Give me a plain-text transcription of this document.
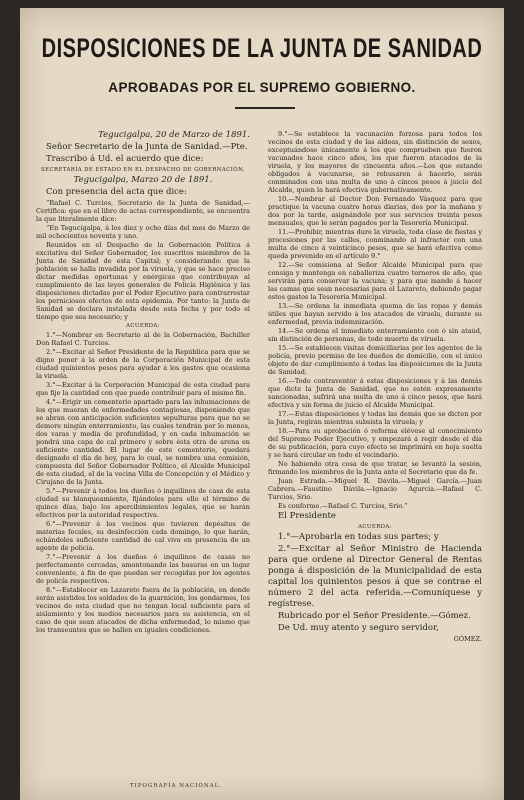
DISPOSICIONES DE LA JUNTA DE SANIDAD
APROBADAS POR EL SUPREMO GOBIERNO.

Tegucigalpa, 20 de Marzo de 1891.

Señor Secretario de la Junta de Sanidad.—Pte.

Trascribo á Ud. el acuerdo que dice:

SECRETARÍA DE ESTADO EN EL DESPACHO DE GOBERNACIÓN.

Tegucigalpa, Marzo 20 de 1891.

Con presencia del acta que dice:

“Rafael C. Turcios, Secretario de la Junta de Sanidad,—Certifica: que en el libro de actas correspondiente, se encuentra la que literalmente dice:

“En Tegucigalpa, á los diez y ocho días del mes de Marzo de mil ochocientos noventa y uno.

Reunidos en el Despacho de la Gobernación Política á excitativa del Señor Gobernador, los suscritos miembros de la Junta de Sanidad de esta Capital; y considerando: que la población se halla invadida por la viruela, y que se hace preciso dictar medidas oportunas y enérgicas que contribuyan al cumplimiento de las leyes generales de Policía Higiénica y las disposiciones dictadas por el Poder Ejecutivo para contrarrestar los perniciosos efectos de esta epidemia. Por tanto: la Junta de Sanidad se declara instalada desde esta fecha y por todo el tiempo que sea necesario; y

ACUERDA:

1.°—Nombrar en Secretario al de la Gobernación, Bachiller Don Rafael C. Turcios.

2.°—Excitar al Señor Presidente de la República para que se digne poner á la orden de la Corporación Municipal de esta ciudad quinientos pesos para ayudar á los gastos que ocasiona la viruela.

3.°—Excitar á la Corporación Municipal de esta ciudad para que fije la cantidad con que puede contribuir para el mismo fin.

4.°—Erigir un cementerio apartado para las inhumaciones de los que mueran de enfermedades contagiosas, disponiendo que se abran con anticipación suficientes sepulturas para que no se demore ningún enterramiento, las cuales tendrán por lo menos, dos varas y media de profundidad, y en cada inhumación se pondrá una capa de cal primero y sobre ésta otra de arena en suficiente cantidad. El lugar de este cementerio, quedará designado el día de hoy, para lo cual, se nombra una comisión, compuesta del Señor Gobernador Político, el Alcalde Municipal de esta ciudad, el de la vecina Villa de Concepción y el Médico y Cirujano de la Junta.

5.°—Prevenir á todos los dueños ó inquilinos de casa de esta ciudad su blanqueamiento, fijándoles para ello el término de quince días, bajo los apercibimientos legales, que se harán efectivos por la autoridad respectiva.

6.°—Prevenir á los vecinos que tuvieren depósitos de materias fecales, su desinfección cada domingo, lo que harán, echándoles suficiente cantidad de cal viva en presencia de un agente de policía.

7.°—Prevenir á los dueños ó inquilinos de casas no perfectamente cercadas, amontonando las basuras en un lugar conveniente, á fin de que puedan ser recogidas por los agentes de policía respectivos.

8.°—Establecer en Lazareto fuera de la población, en donde serán asistidos los soldados de la guarnición, los gendarmes, los vecinos de esta ciudad que no tengan local suficiente para el aislamiento y los medios necesarios para su asistencia, en el caso de que sean atacados de dicha enfermedad, lo mismo que los transeuntes que se hallen en iguales condiciones.

9.°—Se establece la vacunación forzosa para todos los vecinos de esta ciudad y de las aldeas, sin distinción de sexos, exceptuándose únicamente á los que comprueben que fueron vacunados hace cinco años, los que fueron atacados de la viruela, y los mayores de cincuenta años.—Los que estando obligados á vacunarse, se rehusaren á hacerlo, serán conminados con una multa de uno á cincos pesos á juicio del Alcalde, quien la hará efectiva gubernativamente.

10.—Nombrar al Doctor Don Fernando Vásquez para que practique la vacuna cuatro horas diarias, dos por la mañana y dos por la tarde, asignándole por sus servicios treinta pesos mensuales, que le serán pagados por la Tesorería Municipal.

11.—Prohibir, mientras dure la viruela, toda clase de fiestas y procesiones por las calles, conminando al infractor con una multa de cinco á veinticinco pesos, que se hará efectiva como queda prevenido en el artículo 9.°

12.—Se comisiona al Señor Alcalde Municipal para que consiga y mantenga en caballeriza cuatro terneros de año, que servirán para conservar la vacuna; y para que mande á hacer las camas que sean necesarias para el Lazareto, debiendo pagar estos gastos la Tesorería Municipal.

13.—Se ordena la inmediata quema de las ropas y demás útiles que hayan servido á los atacados de viruela, durante su enfermedad, previa indemnización.

14.—Se ordena el inmediato enterramiento con ó sin ataúd, sin distinción de personas, de todo muerto de viruela.

15.—Se establecen visitas domiciliarias por los agentes de la policía, previo permiso de los dueños de domicilio, con el único objeto de dar cumplimiento á todas las disposiciones de la Junta de Sanidad.

16.—Todo contraventor á estas disposiciones y á las demás que dicte la Junta de Sanidad, que no estén expresamente sancionadas, sufrirá una multa de uno á cinco pesos, que hará efectiva y sin forma de juicio el Alcalde Municipal.

17.—Estas disposiciones y todas las demás que se dicten por la Junta, regirán mientras subsista la viruela; y

18.—Para su aprobación ó reforma elévese al conocimiento del Supremo Poder Ejecutivo, y empezará á regir desde el día de su publicación, para cuyo efecto se imprimirá en hoja suelta y se hará circular en todo el vecindario.

No habiendo otra cosa de que tratar, se levantó la sesión, firmando los miembros de la Junta ante el Secretario que da fe.

Juan Estrada.—Miguel R. Dávila.—Miguel García.—Juan Cabrera.—Faustino Dávila.—Ignacio Agurcia.—Rafael C. Turcios, Srio.

Es conforme.—Rafael C. Turcios, Srio.”

El Presidente

ACUERDA:

1.°—Aprobarla en todas sus partes; y

2.°—Excitar al Señor Ministro de Hacienda para que ordene al Director General de Rentas ponga á disposición de la Municipalidad de esta capital los quinientos pesos á que se contrae el número 2 del acta referida.—Comuníquese y regístrese.

Rubricado por el Señor Presidente.—Gómez.

De Ud. muy atento y seguro servidor,

GÓMEZ.

TIPOGRAFÍA NACIONAL.
